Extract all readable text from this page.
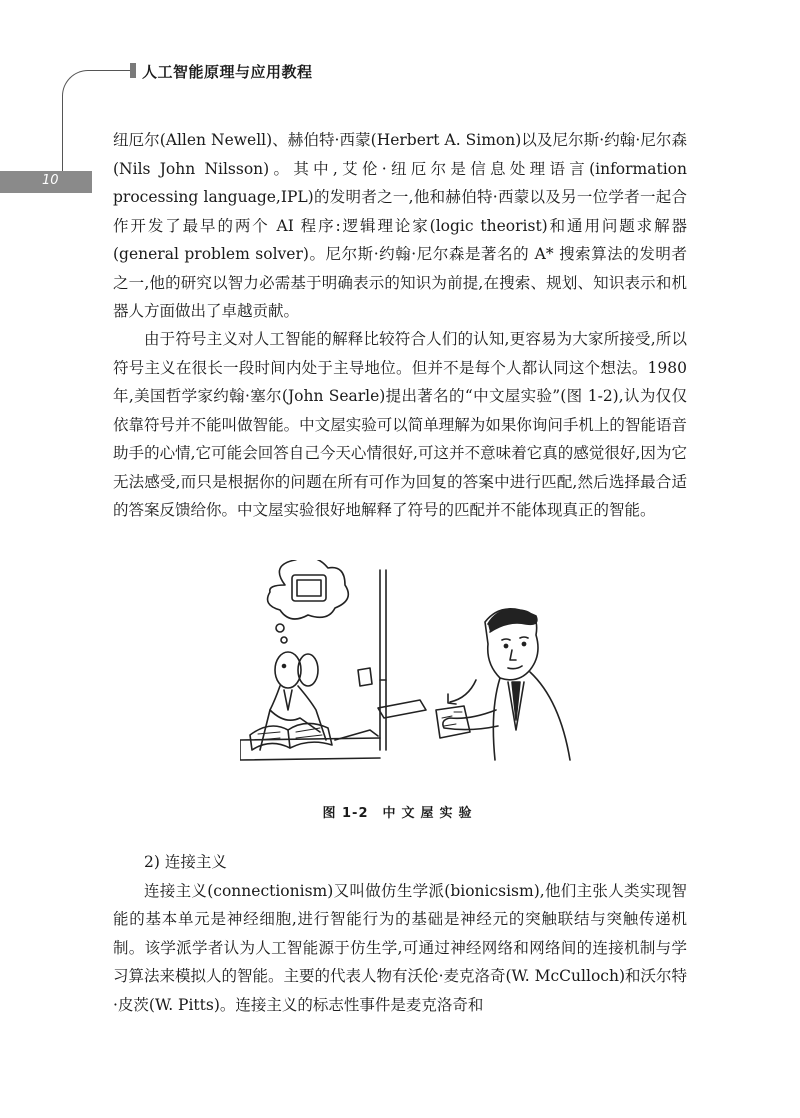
人工智能原理与应用教程
10

纽厄尔(Allen Newell)、赫伯特·西蒙(Herbert A. Simon)以及尼尔斯·约翰·尼尔森(Nils John Nilsson)。其中,艾伦·纽厄尔是信息处理语言(information processing language,IPL)的发明者之一,他和赫伯特·西蒙以及另一位学者一起合作开发了最早的两个 AI 程序:逻辑理论家(logic theorist)和通用问题求解器(general problem solver)。尼尔斯·约翰·尼尔森是著名的 A* 搜索算法的发明者之一,他的研究以智力必需基于明确表示的知识为前提,在搜索、规划、知识表示和机器人方面做出了卓越贡献。

由于符号主义对人工智能的解释比较符合人们的认知,更容易为大家所接受,所以符号主义在很长一段时间内处于主导地位。但并不是每个人都认同这个想法。1980 年,美国哲学家约翰·塞尔(John Searle)提出著名的“中文屋实验”(图 1-2),认为仅仅依靠符号并不能叫做智能。中文屋实验可以简单理解为如果你询问手机上的智能语音助手的心情,它可能会回答自己今天心情很好,可这并不意味着它真的感觉很好,因为它无法感受,而只是根据你的问题在所有可作为回复的答案中进行匹配,然后选择最合适的答案反馈给你。中文屋实验很好地解释了符号的匹配并不能体现真正的智能。

图 1-2 中文屋实验

2) 连接主义

连接主义(connectionism)又叫做仿生学派(bionicsism),他们主张人类实现智能的基本单元是神经细胞,进行智能行为的基础是神经元的突触联结与突触传递机制。该学派学者认为人工智能源于仿生学,可通过神经网络和网络间的连接机制与学习算法来模拟人的智能。主要的代表人物有沃伦·麦克洛奇(W. McCulloch)和沃尔特·皮茨(W. Pitts)。连接主义的标志性事件是麦克洛奇和
